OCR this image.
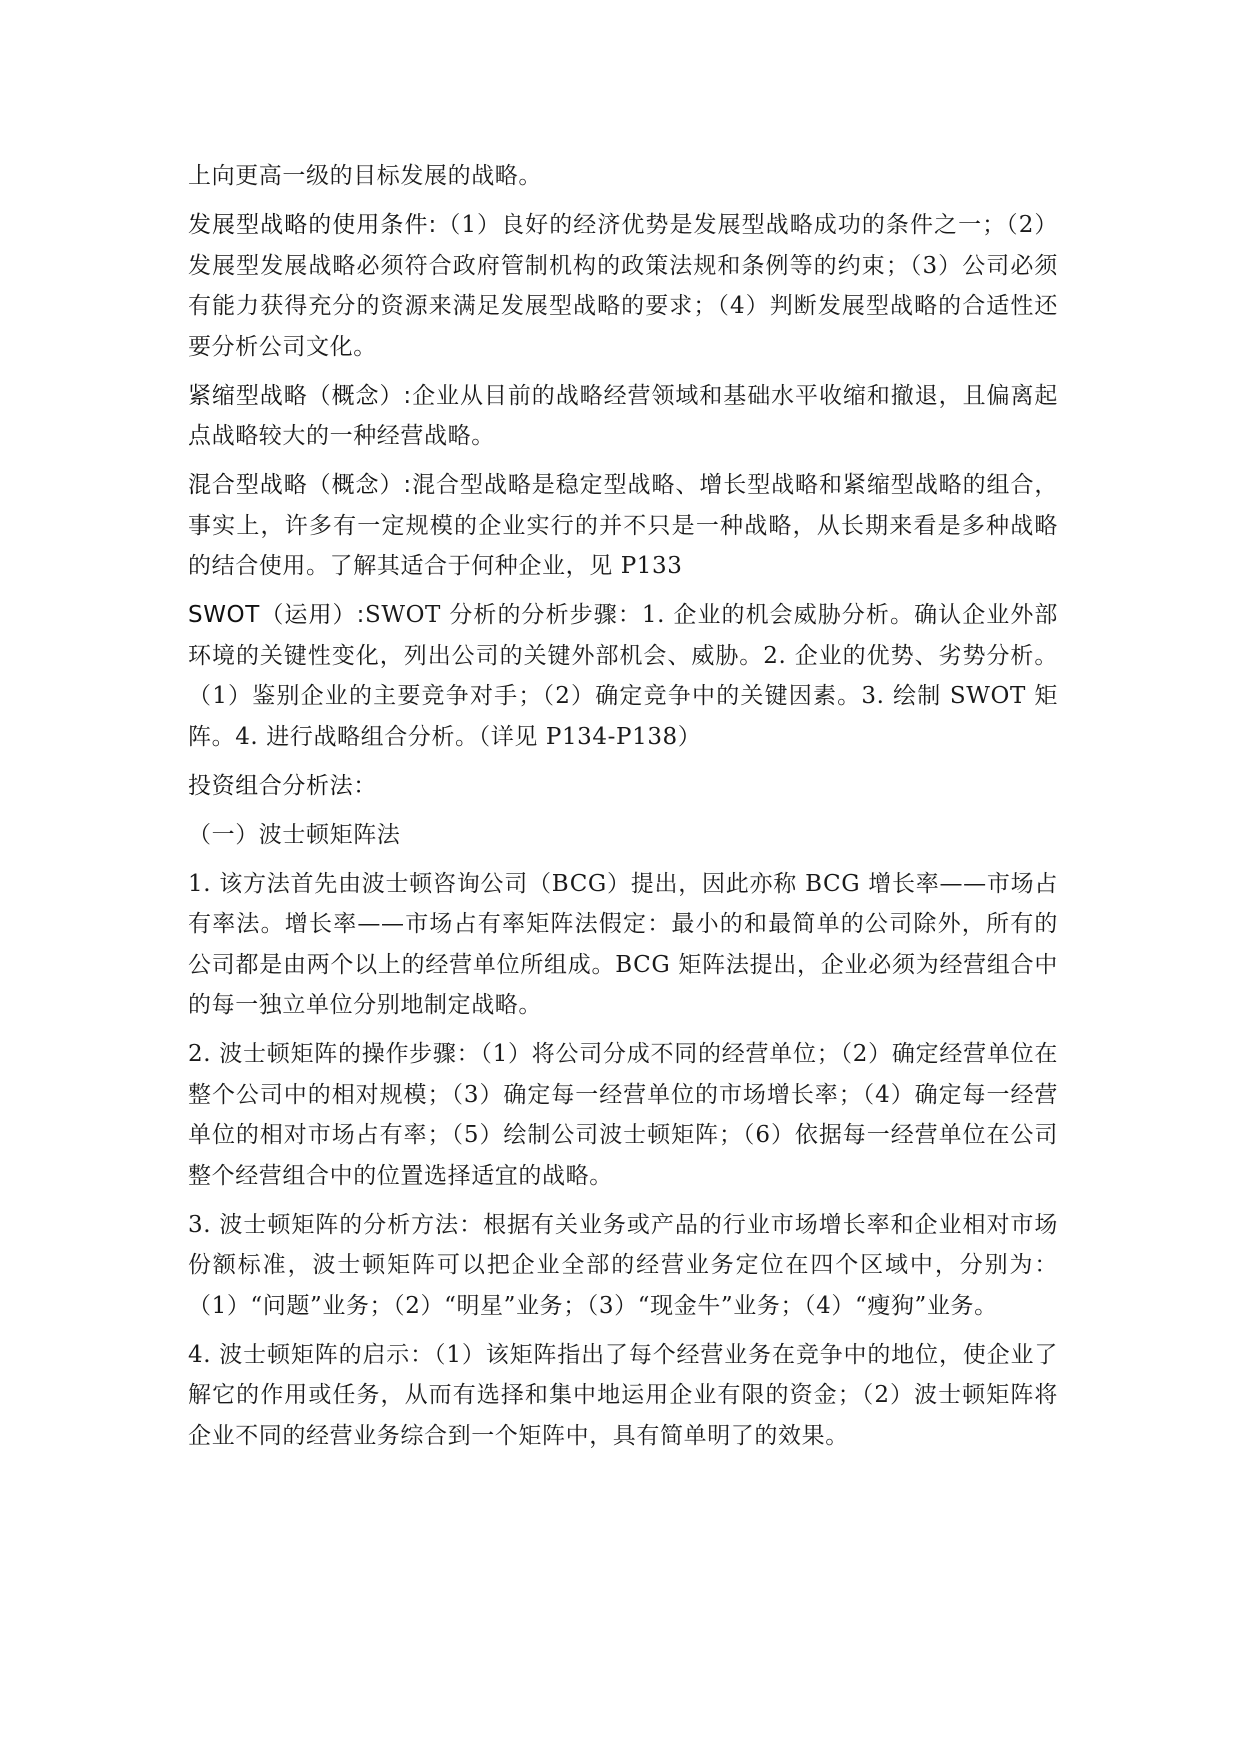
上向更高一级的目标发展的战略。

发展型战略的使用条件:（1）良好的经济优势是发展型战略成功的条件之一；（2）发展型发展战略必须符合政府管制机构的政策法规和条例等的约束；（3）公司必须有能力获得充分的资源来满足发展型战略的要求；（4）判断发展型战略的合适性还要分析公司文化。

紧缩型战略（概念）:企业从目前的战略经营领域和基础水平收缩和撤退，且偏离起点战略较大的一种经营战略。

混合型战略（概念）:混合型战略是稳定型战略、增长型战略和紧缩型战略的组合，事实上，许多有一定规模的企业实行的并不只是一种战略，从长期来看是多种战略的结合使用。了解其适合于何种企业，见 P133

SWOT（运用）:SWOT 分析的分析步骤：1. 企业的机会威胁分析。确认企业外部环境的关键性变化，列出公司的关键外部机会、威胁。2. 企业的优势、劣势分析。（1）鉴别企业的主要竞争对手；（2）确定竞争中的关键因素。3. 绘制 SWOT 矩阵。4. 进行战略组合分析。（详见 P134-P138）

投资组合分析法：

（一）波士顿矩阵法

1. 该方法首先由波士顿咨询公司（BCG）提出，因此亦称 BCG 增长率——市场占有率法。增长率——市场占有率矩阵法假定：最小的和最简单的公司除外，所有的公司都是由两个以上的经营单位所组成。BCG 矩阵法提出，企业必须为经营组合中的每一独立单位分别地制定战略。

2. 波士顿矩阵的操作步骤：（1）将公司分成不同的经营单位；（2）确定经营单位在整个公司中的相对规模；（3）确定每一经营单位的市场增长率；（4）确定每一经营单位的相对市场占有率；（5）绘制公司波士顿矩阵；（6）依据每一经营单位在公司整个经营组合中的位置选择适宜的战略。

3. 波士顿矩阵的分析方法：根据有关业务或产品的行业市场增长率和企业相对市场份额标准，波士顿矩阵可以把企业全部的经营业务定位在四个区域中，分别为：（1）“问题”业务；（2）“明星”业务；（3）“现金牛”业务；（4）“瘦狗”业务。

4. 波士顿矩阵的启示：（1）该矩阵指出了每个经营业务在竞争中的地位，使企业了解它的作用或任务，从而有选择和集中地运用企业有限的资金；（2）波士顿矩阵将企业不同的经营业务综合到一个矩阵中，具有简单明了的效果。
